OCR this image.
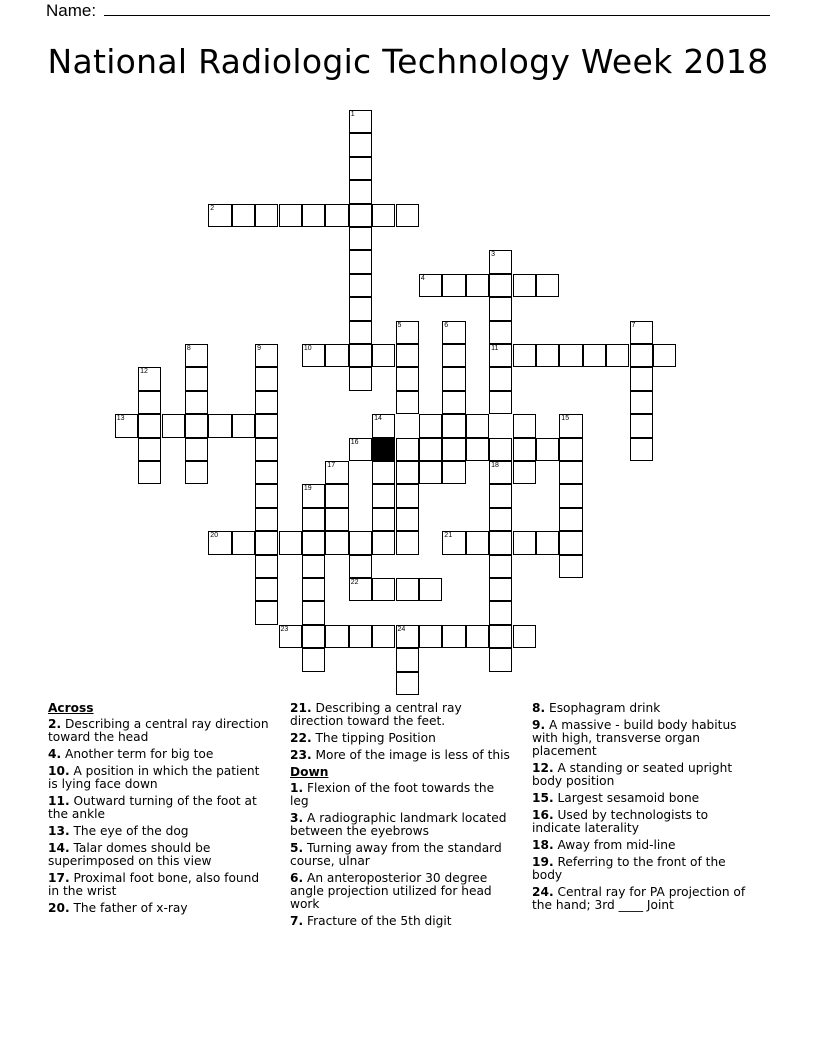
Name:
National Radiologic Technology Week 2018
1
2
3
4
5	6	7
8	9	10	11
12
13	14	15
16
17	18
19
20	21
22
23	24
Across
2. Describing a central ray direction toward the head
4. Another term for big toe
10. A position in which the patient is lying face down
11. Outward turning of the foot at the ankle
13. The eye of the dog
14. Talar domes should be superimposed on this view
17. Proximal foot bone, also found in the wrist
20. The father of x-ray
21. Describing a central ray direction toward the feet.
22. The tipping Position
23. More of the image is less of this
Down
1. Flexion of the foot towards the leg
3. A radiographic landmark located between the eyebrows
5. Turning away from the standard course, ulnar
6. An anteroposterior 30 degree angle projection utilized for head work
7. Fracture of the 5th digit
8. Esophagram drink
9. A massive - build body habitus with high, transverse organ placement
12. A standing or seated upright body position
15. Largest sesamoid bone
16. Used by technologists to indicate laterality
18. Away from mid-line
19. Referring to the front of the body
24. Central ray for PA projection of the hand; 3rd ____ Joint
